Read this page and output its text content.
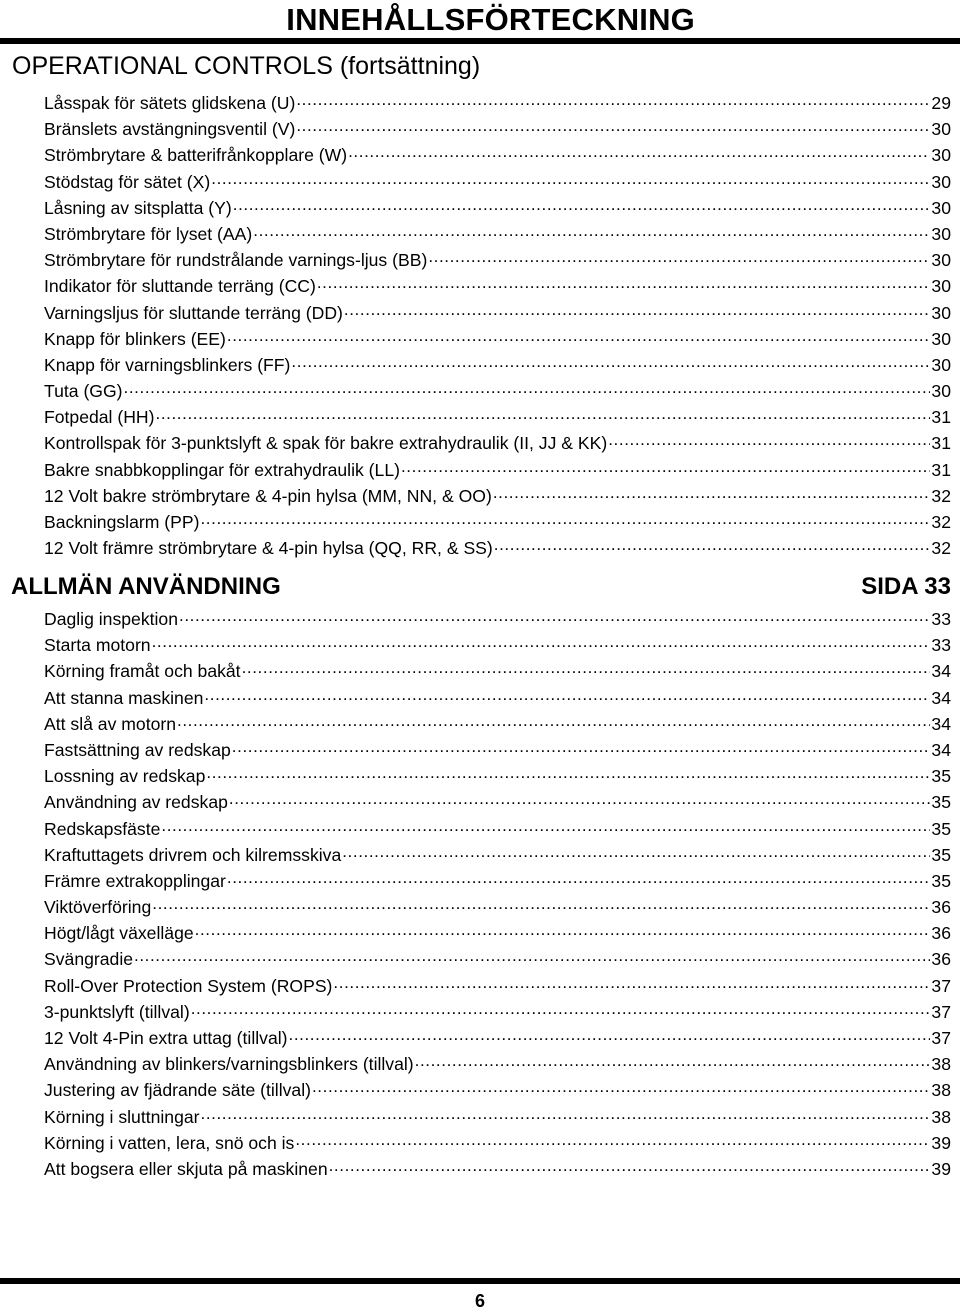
INNEHÅLLSFÖRTECKNING
OPERATIONAL CONTROLS (fortsättning)
Låsspak för sätets glidskena (U) .....	29
Bränslets avstängningsventil (V) .....	30
Strömbrytare & batterifrånkopplare (W) .....	30
Stödstag för sätet (X) .....	30
Låsning av sitsplatta (Y) .....	30
Strömbrytare för lyset (AA) .....	30
Strömbrytare för rundstrålande varnings-ljus (BB) .....	30
Indikator för sluttande terräng (CC) .....	30
Varningsljus för sluttande terräng (DD) .....	30
Knapp för blinkers (EE) .....	30
Knapp för varningsblinkers (FF) .....	30
Tuta (GG) .....	30
Fotpedal (HH) .....	31
Kontrollspak för 3-punktslyft & spak för bakre extrahydraulik (II, JJ & KK) .....	31
Bakre snabbkopplingar för extrahydraulik (LL) .....	31
12 Volt bakre strömbrytare & 4-pin hylsa (MM, NN, & OO) .....	32
Backningslarm (PP) .....	32
12 Volt främre strömbrytare & 4-pin hylsa (QQ, RR, & SS) .....	32
ALLMÄN ANVÄNDNING	SIDA 33
Daglig inspektion .....	33
Starta motorn .....	33
Körning framåt och bakåt .....	34
Att stanna maskinen .....	34
Att slå av motorn .....	34
Fastsättning av redskap .....	34
Lossning av redskap .....	35
Användning av redskap .....	35
Redskapsfäste .....	35
Kraftuttagets drivrem och kilremsskiva .....	35
Främre extrakopplingar .....	35
Viktöverföring .....	36
Högt/lågt växelläge .....	36
Svängradie .....	36
Roll-Over Protection System (ROPS) .....	37
3-punktslyft (tillval) .....	37
12 Volt 4-Pin extra uttag (tillval) .....	37
Användning av blinkers/varningsblinkers (tillval) .....	38
Justering av fjädrande säte (tillval) .....	38
Körning i sluttningar .....	38
Körning i vatten, lera, snö och is .....	39
Att bogsera eller skjuta på maskinen .....	39
6
